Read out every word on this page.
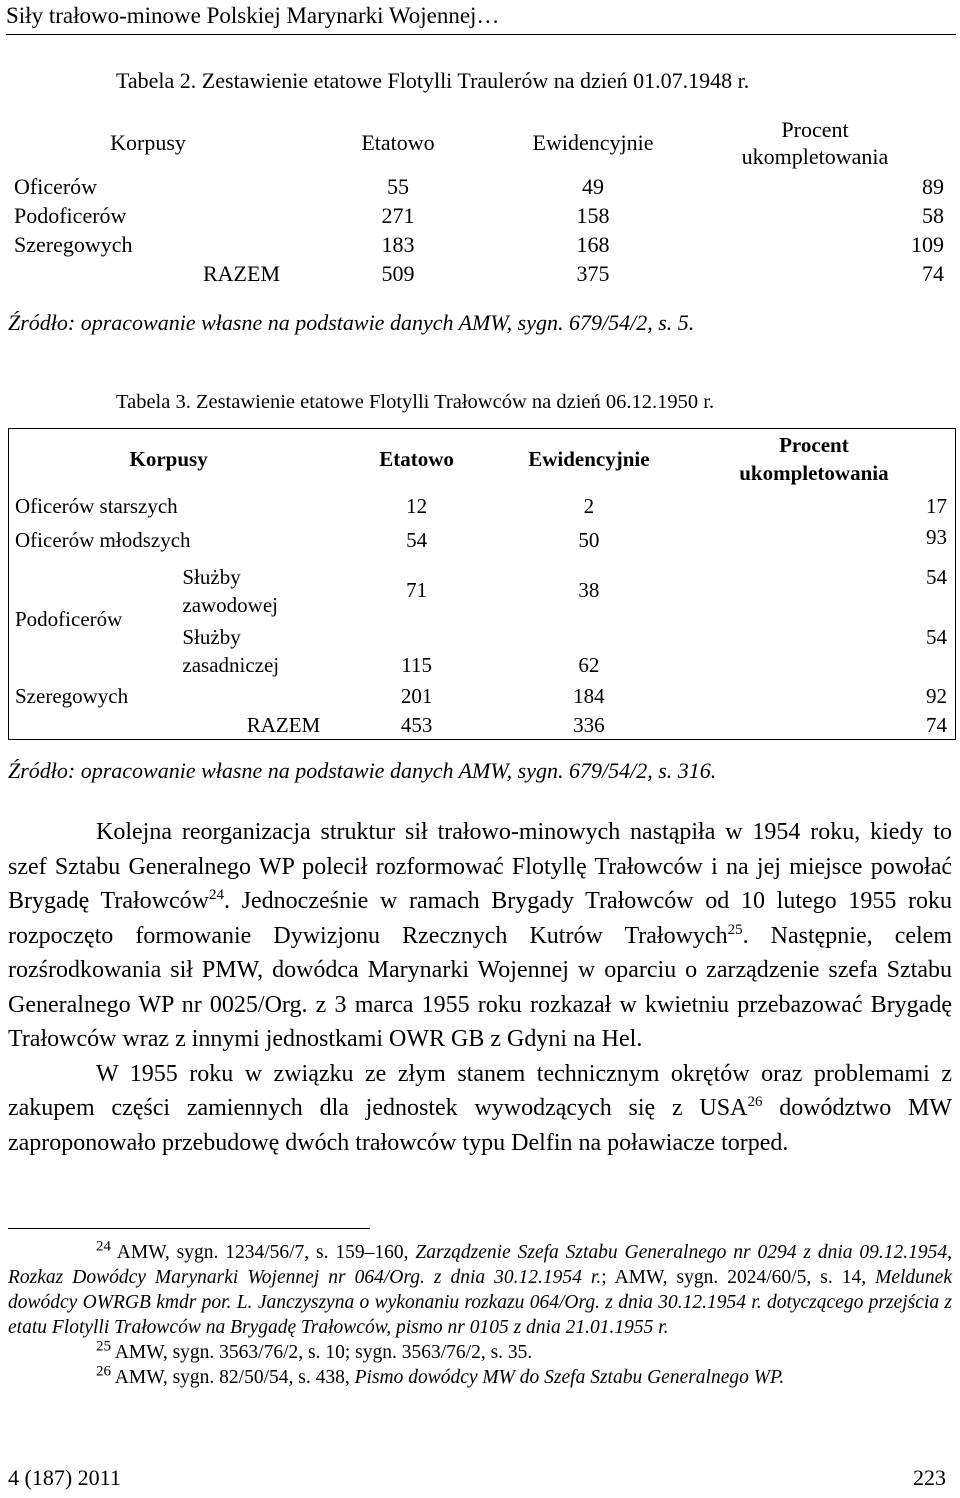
Siły trałowo-minowe Polskiej Marynarki Wojennej…
Tabela 2. Zestawienie etatowe Flotylli Traulerów na dzień 01.07.1948 r.
Korpusy	Etatowo	Ewidencyjnie	Procent
ukompletowania

Oficerów	55	49	89
Podoficerów	271	158	58
Szeregowych	183	168	109
RAZEM	509	375	74
Źródło: opracowanie własne na podstawie danych AMW, sygn. 679/54/2, s. 5.
Tabela 3. Zestawienie etatowe Flotylli Trałowców na dzień 06.12.1950 r.
Korpusy		Etatowo	Ewidencyjnie	Procent
ukompletowania

Oficerów starszych		12	2	17
Oficerów młodszych		54	50	93
Podoficerów	Służby
zawodowej	71	38	54

	Służby
zasadniczej	115	62	54
Szeregowych		201	184	92
RAZEM		453	336	74
Źródło: opracowanie własne na podstawie danych AMW, sygn. 679/54/2, s. 316.

Kolejna reorganizacja struktur sił trałowo-minowych nastąpiła w 1954 roku, kiedy to szef Sztabu Generalnego WP polecił rozformować Flotyllę Trałowców i na jej miejsce powołać Brygadę Trałowców$^{24}$. Jednocześnie w ramach Brygady Trałowców od 10 lutego 1955 roku rozpoczęto formowanie Dywizjonu Rzecznych Kutrów Trałowych$^{25}$. Następnie, celem rozśrodkowania sił PMW, dowódca Marynarki Wojennej w oparciu o zarządzenie szefa Sztabu Generalnego WP nr 0025/Org. z 3 marca 1955 roku rozkazał w kwietniu przebazować Brygadę Trałowców wraz z innymi jednostkami OWR GB z Gdyni na Hel.

W 1955 roku w związku ze złym stanem technicznym okrętów oraz problemami z zakupem części zamiennych dla jednostek wywodzących się z USA$^{26}$ dowództwo MW zaproponowało przebudowę dwóch trałowców typu Delfin na poławiacze torped.

$^{24}$ AMW, sygn. 1234/56/7, s. 159–160, Zarządzenie Szefa Sztabu Generalnego nr 0294 z dnia 09.12.1954, Rozkaz Dowódcy Marynarki Wojennej nr 064/Org. z dnia 30.12.1954 r.; AMW, sygn. 2024/60/5, s. 14, Meldunek dowódcy OWRGB kmdr por. L. Janczyszyna o wykonaniu rozkazu 064/Org. z dnia 30.12.1954 r. dotyczącego przejścia z etatu Flotylli Trałowców na Brygadę Trałowców, pismo nr 0105 z dnia 21.01.1955 r.

$^{25}$ AMW, sygn. 3563/76/2, s. 10; sygn. 3563/76/2, s. 35.

$^{26}$ AMW, sygn. 82/50/54, s. 438, Pismo dowódcy MW do Szefa Sztabu Generalnego WP.

4 (187) 2011	223
